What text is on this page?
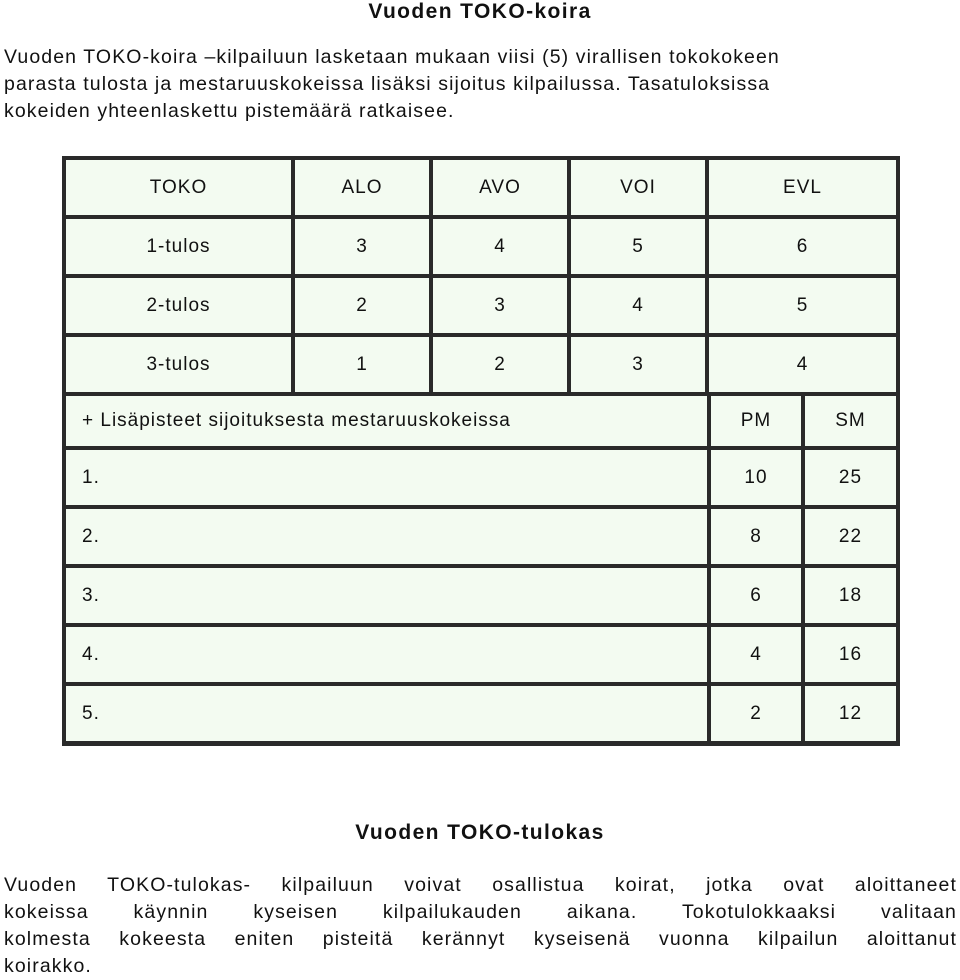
Vuoden TOKO-koira
Vuoden TOKO-koira –kilpailuun lasketaan mukaan viisi (5) virallisen tokokokeen
parasta tulosta ja mestaruuskokeissa lisäksi sijoitus kilpailussa. Tasatuloksissa
kokeiden yhteenlaskettu pistemäärä ratkaisee.
TOKO	ALO	AVO	VOI	EVL
1-tulos	3	4	5	6
2-tulos	2	3	4	5
3-tulos	1	2	3	4
+ Lisäpisteet sijoituksesta mestaruuskokeissa	PM	SM
1.	10	25
2.	8	22
3.	6	18
4.	4	16
5.	2	12
Vuoden TOKO-tulokas
Vuoden TOKO-tulokas- kilpailuun voivat osallistua koirat, jotka ovat aloittaneet
kokeissa käynnin kyseisen kilpailukauden aikana. Tokotulokkaaksi valitaan
kolmesta kokeesta eniten pisteitä kerännyt kyseisenä vuonna kilpailun aloittanut
koirakko.
